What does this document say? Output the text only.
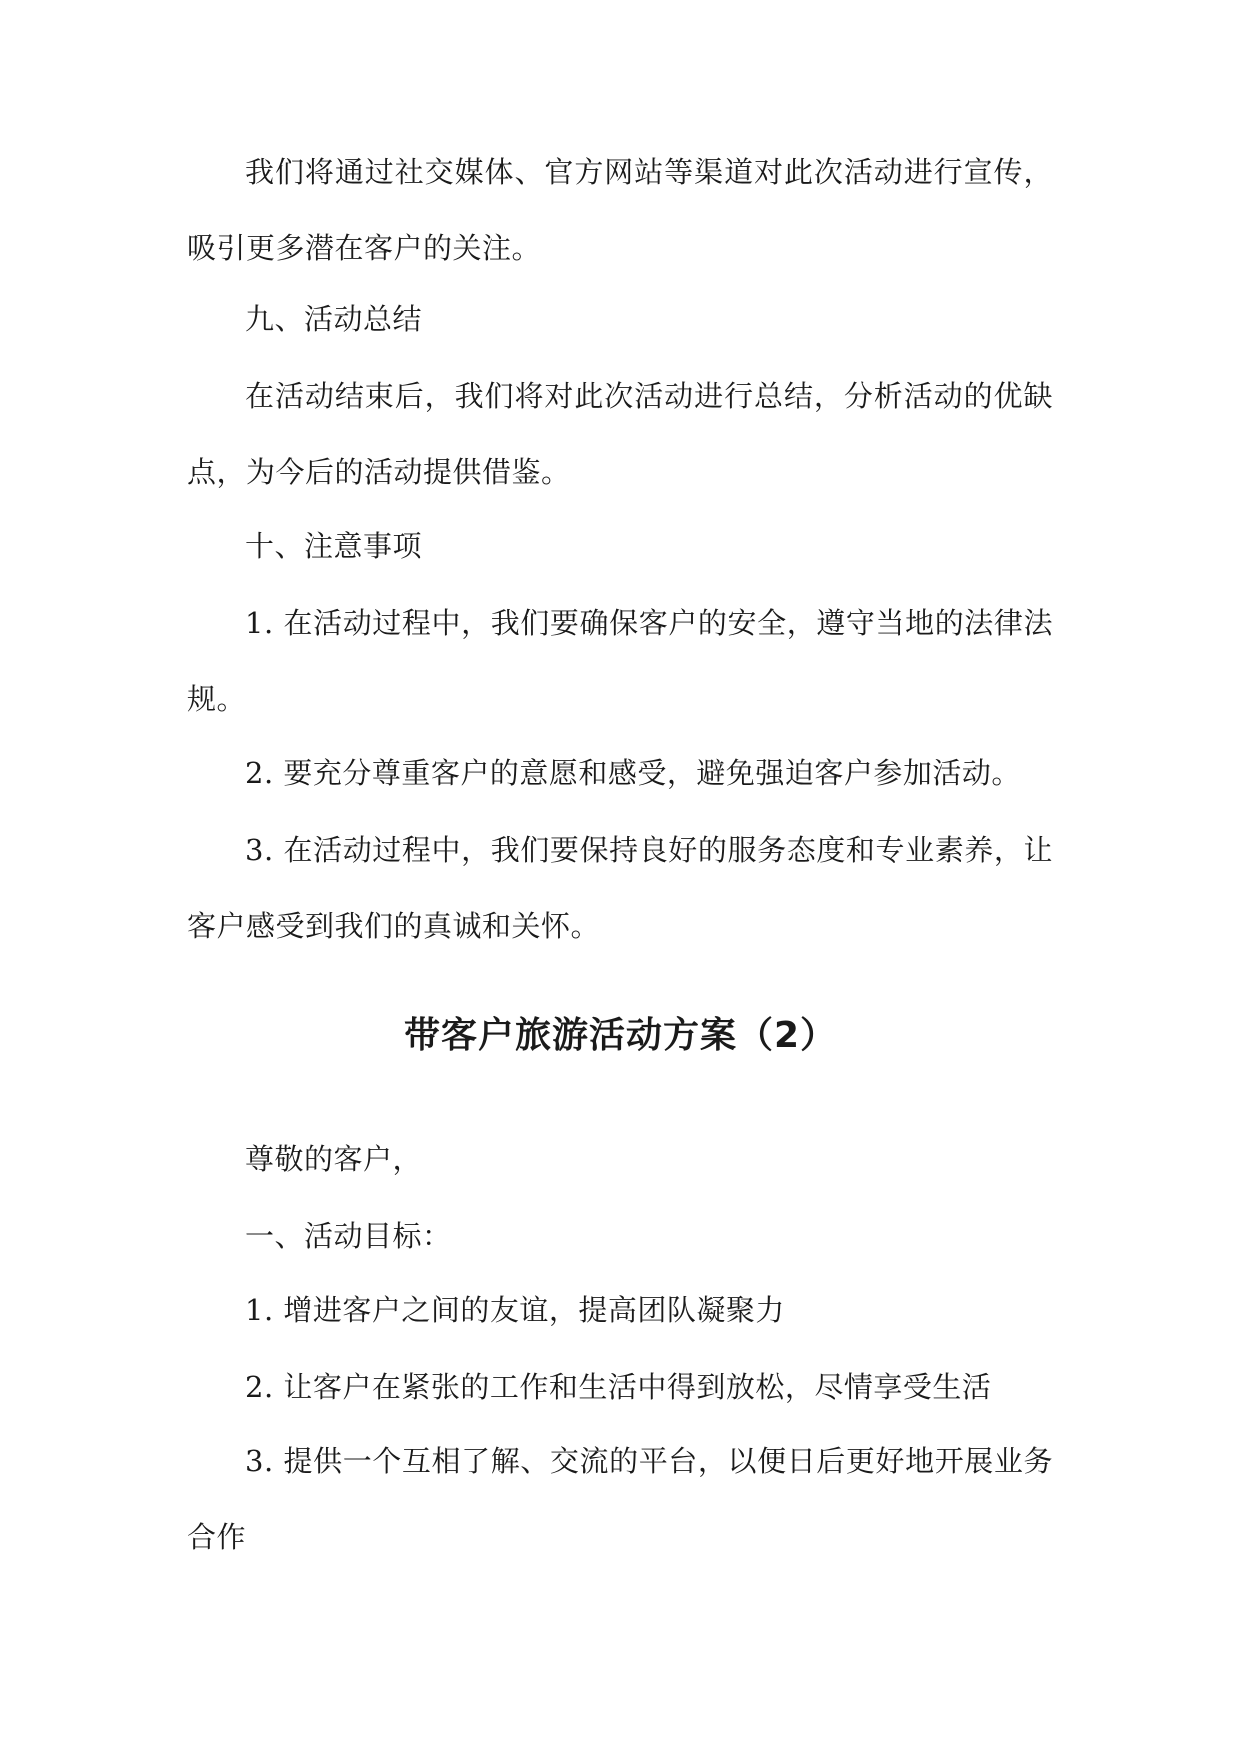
我们将通过社交媒体、官方网站等渠道对此次活动进行宣传，吸引更多潜在客户的关注。

九、活动总结

在活动结束后，我们将对此次活动进行总结，分析活动的优缺点，为今后的活动提供借鉴。

十、注意事项

1. 在活动过程中，我们要确保客户的安全，遵守当地的法律法规。

2. 要充分尊重客户的意愿和感受，避免强迫客户参加活动。

3. 在活动过程中，我们要保持良好的服务态度和专业素养，让客户感受到我们的真诚和关怀。

带客户旅游活动方案（2）

尊敬的客户，

一、活动目标：

1. 增进客户之间的友谊，提高团队凝聚力

2. 让客户在紧张的工作和生活中得到放松，尽情享受生活

3. 提供一个互相了解、交流的平台，以便日后更好地开展业务合作
